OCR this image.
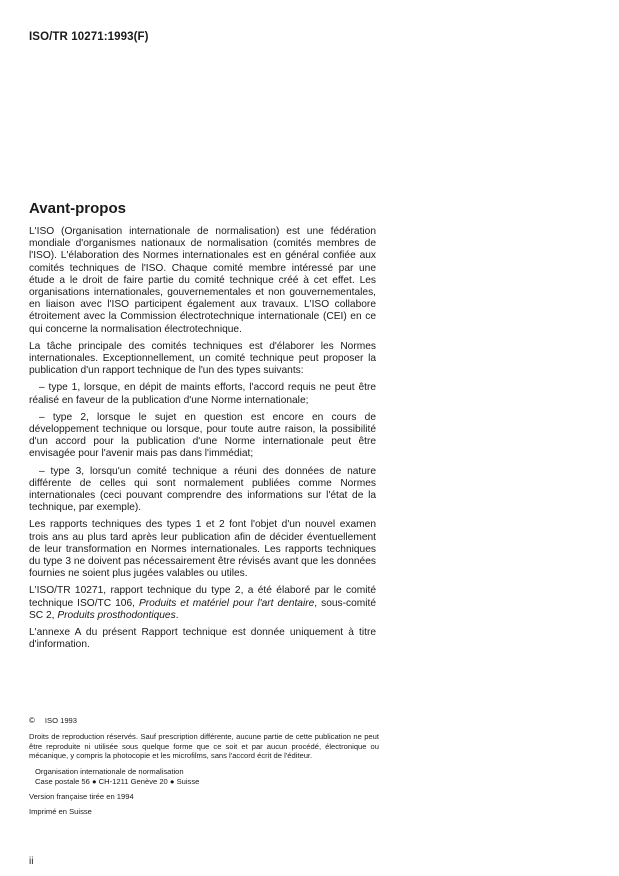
ISO/TR 10271:1993(F)
Avant-propos

L'ISO (Organisation internationale de normalisation) est une fédération mondiale d'organismes nationaux de normalisation (comités membres de l'ISO). L'élaboration des Normes internationales est en général confiée aux comités techniques de l'ISO. Chaque comité membre intéressé par une étude a le droit de faire partie du comité technique créé à cet effet. Les organisations internationales, gouvernementales et non gouvernementales, en liaison avec l'ISO participent également aux travaux. L'ISO collabore étroitement avec la Commission électrotechnique internationale (CEI) en ce qui concerne la normalisation électrotechnique.

La tâche principale des comités techniques est d'élaborer les Normes internationales. Exceptionnellement, un comité technique peut proposer la publication d'un rapport technique de l'un des types suivants:

– type 1, lorsque, en dépit de maints efforts, l'accord requis ne peut être réalisé en faveur de la publication d'une Norme internationale;

– type 2, lorsque le sujet en question est encore en cours de développement technique ou lorsque, pour toute autre raison, la possibilité d'un accord pour la publication d'une Norme internationale peut être envisagée pour l'avenir mais pas dans l'immédiat;

– type 3, lorsqu'un comité technique a réuni des données de nature différente de celles qui sont normalement publiées comme Normes internationales (ceci pouvant comprendre des informations sur l'état de la technique, par exemple).

Les rapports techniques des types 1 et 2 font l'objet d'un nouvel examen trois ans au plus tard après leur publication afin de décider éventuellement de leur transformation en Normes internationales. Les rapports techniques du type 3 ne doivent pas nécessairement être révisés avant que les données fournies ne soient plus jugées valables ou utiles.

L'ISO/TR 10271, rapport technique du type 2, a été élaboré par le comité technique ISO/TC 106, Produits et matériel pour l'art dentaire, sous-comité SC 2, Produits prosthodontiques.

L'annexe A du présent Rapport technique est donnée uniquement à titre d'information.

© ISO 1993
Droits de reproduction réservés. Sauf prescription différente, aucune partie de cette publication ne peut être reproduite ni utilisée sous quelque forme que ce soit et par aucun procédé, électronique ou mécanique, y compris la photocopie et les microfilms, sans l'accord écrit de l'éditeur.
Organisation internationale de normalisation
Case postale 56 ● CH-1211 Genève 20 ● Suisse
Version française tirée en 1994
Imprimé en Suisse
ii
